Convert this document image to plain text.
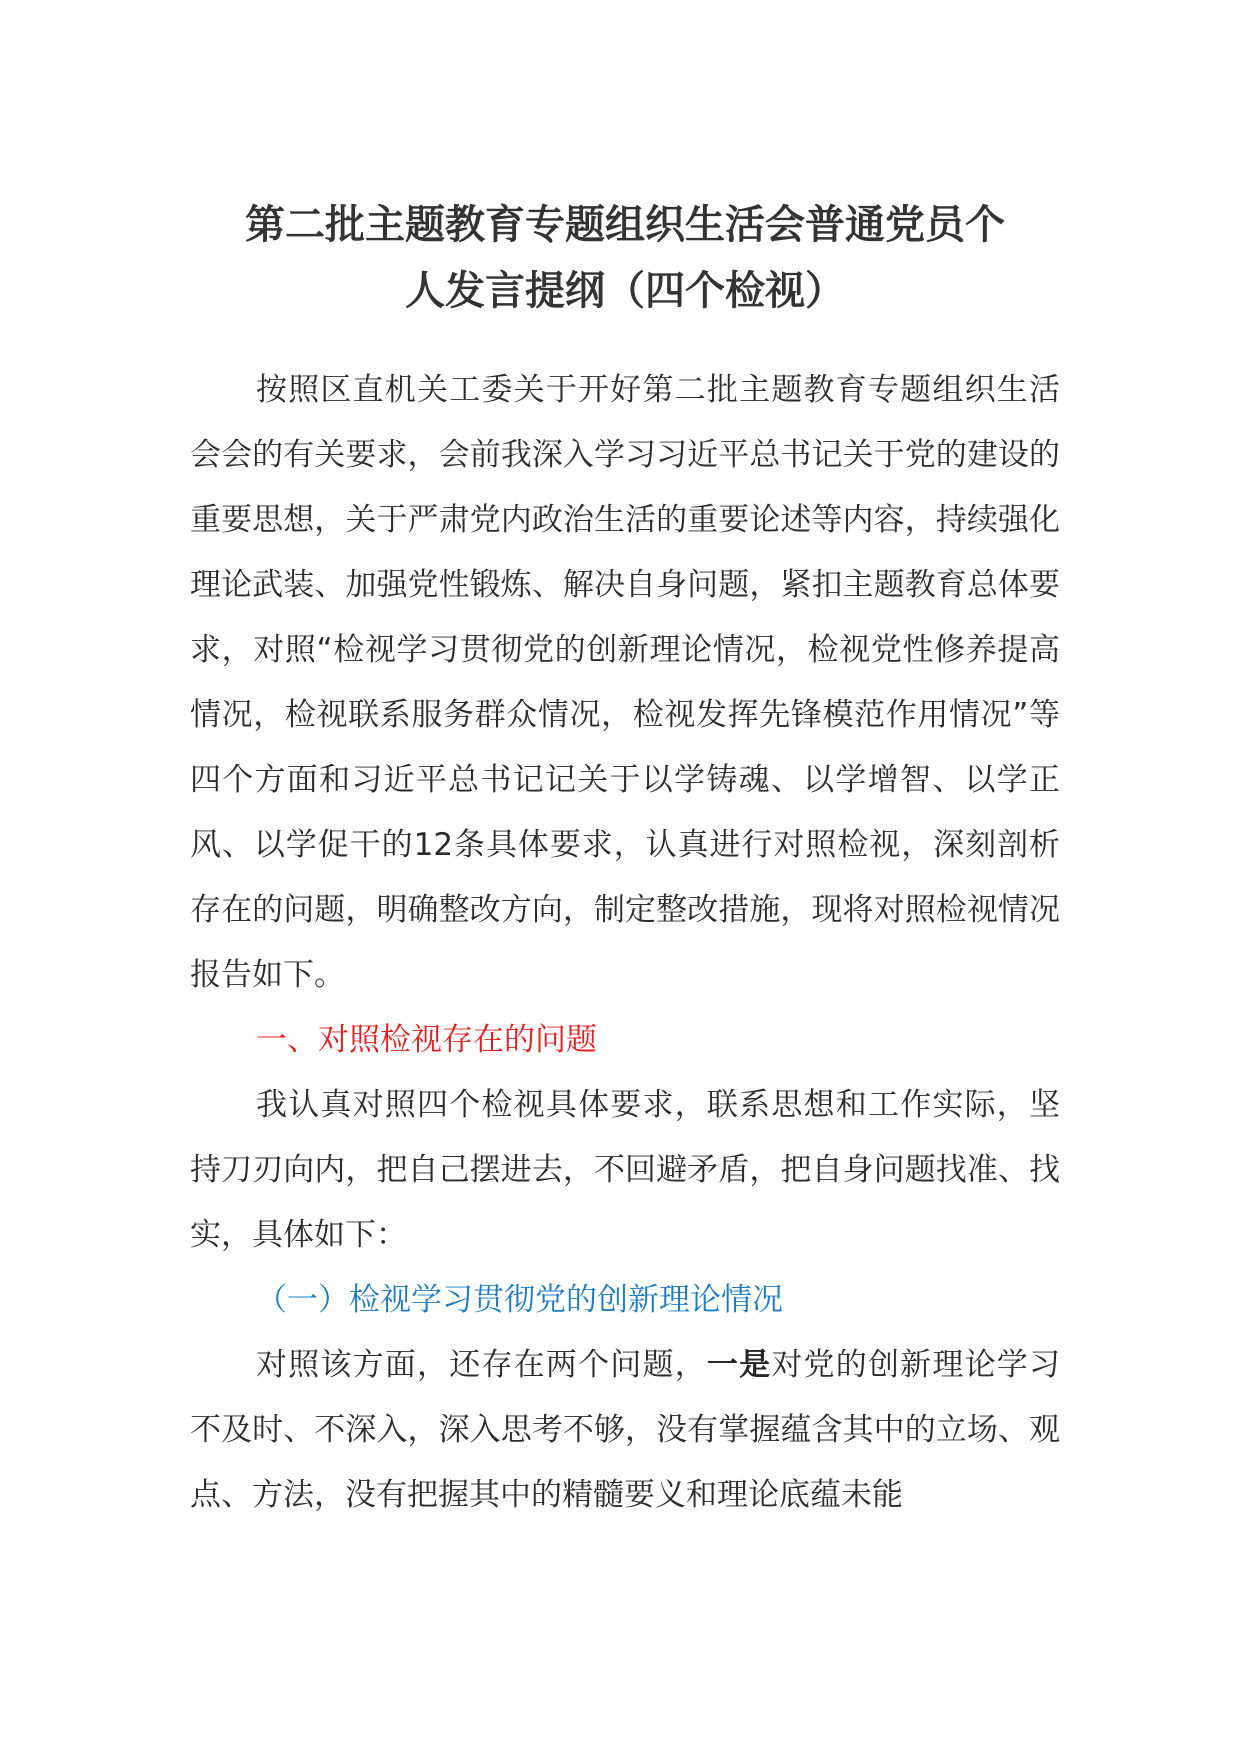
第二批主题教育专题组织生活会普通党员个
人发言提纲（四个检视）

按照区直机关工委关于开好第二批主题教育专题组织生活会会的有关要求，会前我深入学习习近平总书记关于党的建设的重要思想，关于严肃党内政治生活的重要论述等内容，持续强化理论武装、加强党性锻炼、解决自身问题，紧扣主题教育总体要求，对照“检视学习贯彻党的创新理论情况，检视党性修养提高情况，检视联系服务群众情况，检视发挥先锋模范作用情况”等四个方面和习近平总书记记关于以学铸魂、以学增智、以学正风、以学促干的12条具体要求，认真进行对照检视，深刻剖析存在的问题，明确整改方向，制定整改措施，现将对照检视情况报告如下。

一、对照检视存在的问题

我认真对照四个检视具体要求，联系思想和工作实际，坚持刀刃向内，把自己摆进去，不回避矛盾，把自身问题找准、找实，具体如下：

（一）检视学习贯彻党的创新理论情况

对照该方面，还存在两个问题，一是对党的创新理论学习不及时、不深入，深入思考不够，没有掌握蕴含其中的立场、观点、方法，没有把握其中的精髓要义和理论底蕴未能
